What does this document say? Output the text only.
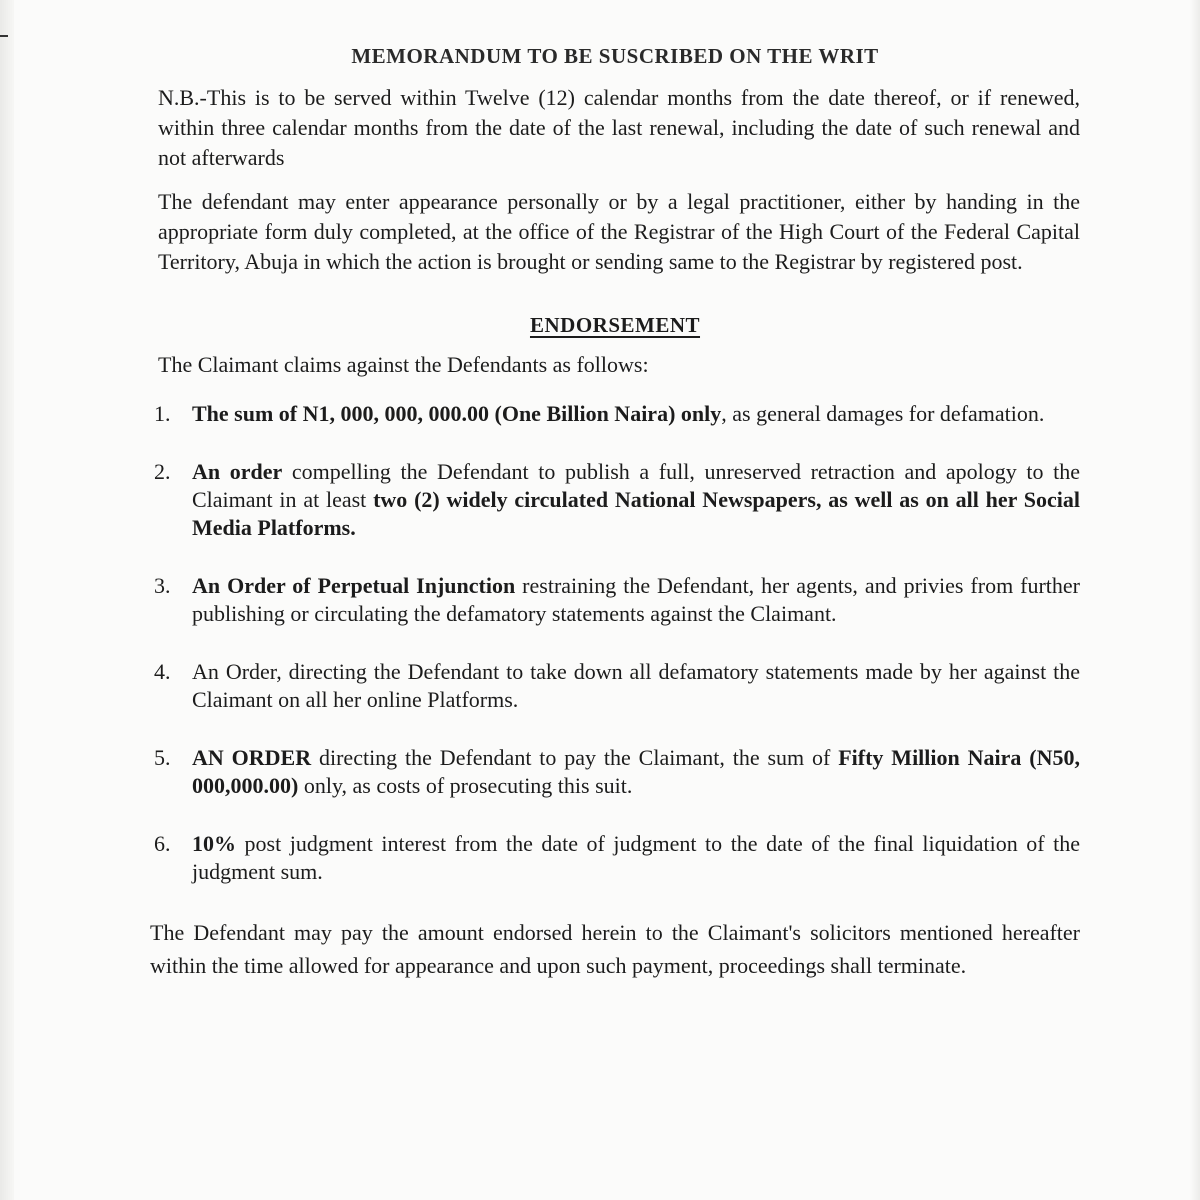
MEMORANDUM TO BE SUSCRIBED ON THE WRIT

N.B.-This is to be served within Twelve (12) calendar months from the date thereof, or if renewed, within three calendar months from the date of the last renewal, including the date of such renewal and not afterwards

The defendant may enter appearance personally or by a legal practitioner, either by handing in the appropriate form duly completed, at the office of the Registrar of the High Court of the Federal Capital Territory, Abuja in which the action is brought or sending same to the Registrar by registered post.

ENDORSEMENT
The Claimant claims against the Defendants as follows:
1. The sum of N1, 000, 000, 000.00 (One Billion Naira) only, as general damages for defamation.
2. An order compelling the Defendant to publish a full, unreserved retraction and apology to the Claimant in at least two (2) widely circulated National Newspapers, as well as on all her Social Media Platforms.
3. An Order of Perpetual Injunction restraining the Defendant, her agents, and privies from further publishing or circulating the defamatory statements against the Claimant.
4. An Order, directing the Defendant to take down all defamatory statements made by her against the Claimant on all her online Platforms.
5. AN ORDER directing the Defendant to pay the Claimant, the sum of Fifty Million Naira (N50, 000,000.00) only, as costs of prosecuting this suit.
6. 10% post judgment interest from the date of judgment to the date of the final liquidation of the judgment sum.

The Defendant may pay the amount endorsed herein to the Claimant's solicitors mentioned hereafter within the time allowed for appearance and upon such payment, proceedings shall terminate.
